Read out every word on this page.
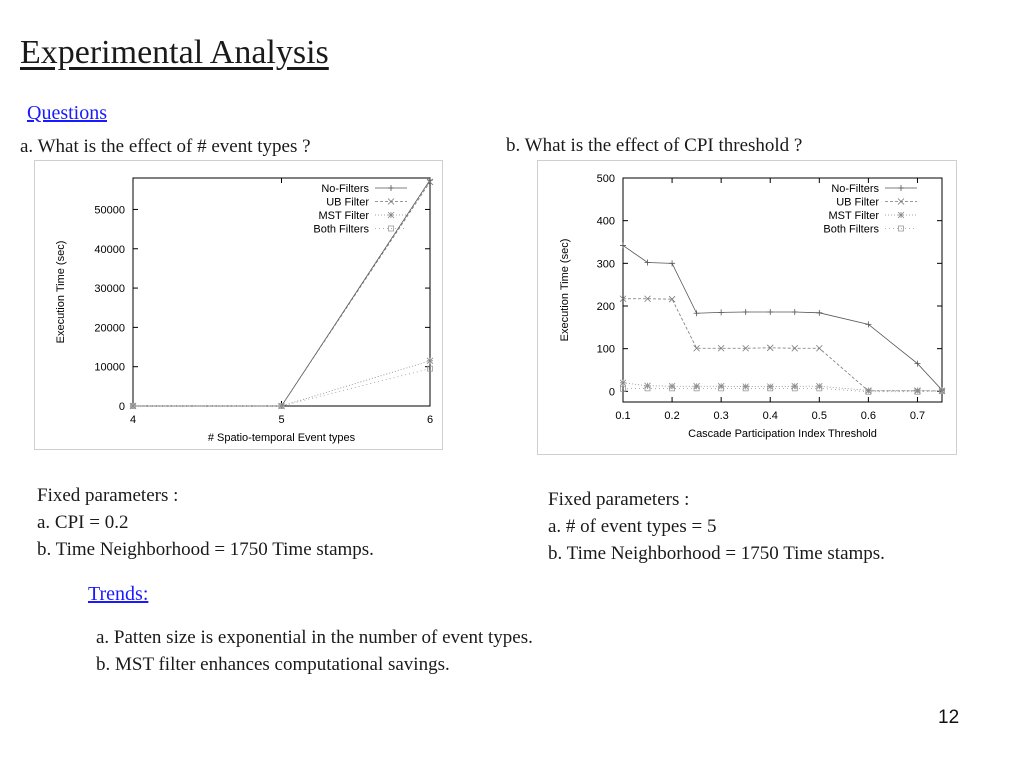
Experimental Analysis
Questions
a. What is the effect of # event types ?	b. What is the effect of CPI threshold ?
4	5	6
0
10000
20000
30000
40000
50000
# Spatio-temporal Event types
Execution Time (sec)
No-Filters
UB Filter
MST Filter
Both Filters
0.1	0.2	0.3	0.4	0.5	0.6	0.7
0
100
200
300
400
500
Cascade Participation Index Threshold
Execution Time (sec)
No-Filters
UB Filter
MST Filter
Both Filters
Fixed parameters :
a. CPI = 0.2
b. Time Neighborhood = 1750 Time stamps.
Fixed parameters :
a. # of event types = 5
b. Time Neighborhood = 1750 Time stamps.
Trends:
a. Patten size is exponential in the number of event types.
b. MST filter enhances computational savings.
12
